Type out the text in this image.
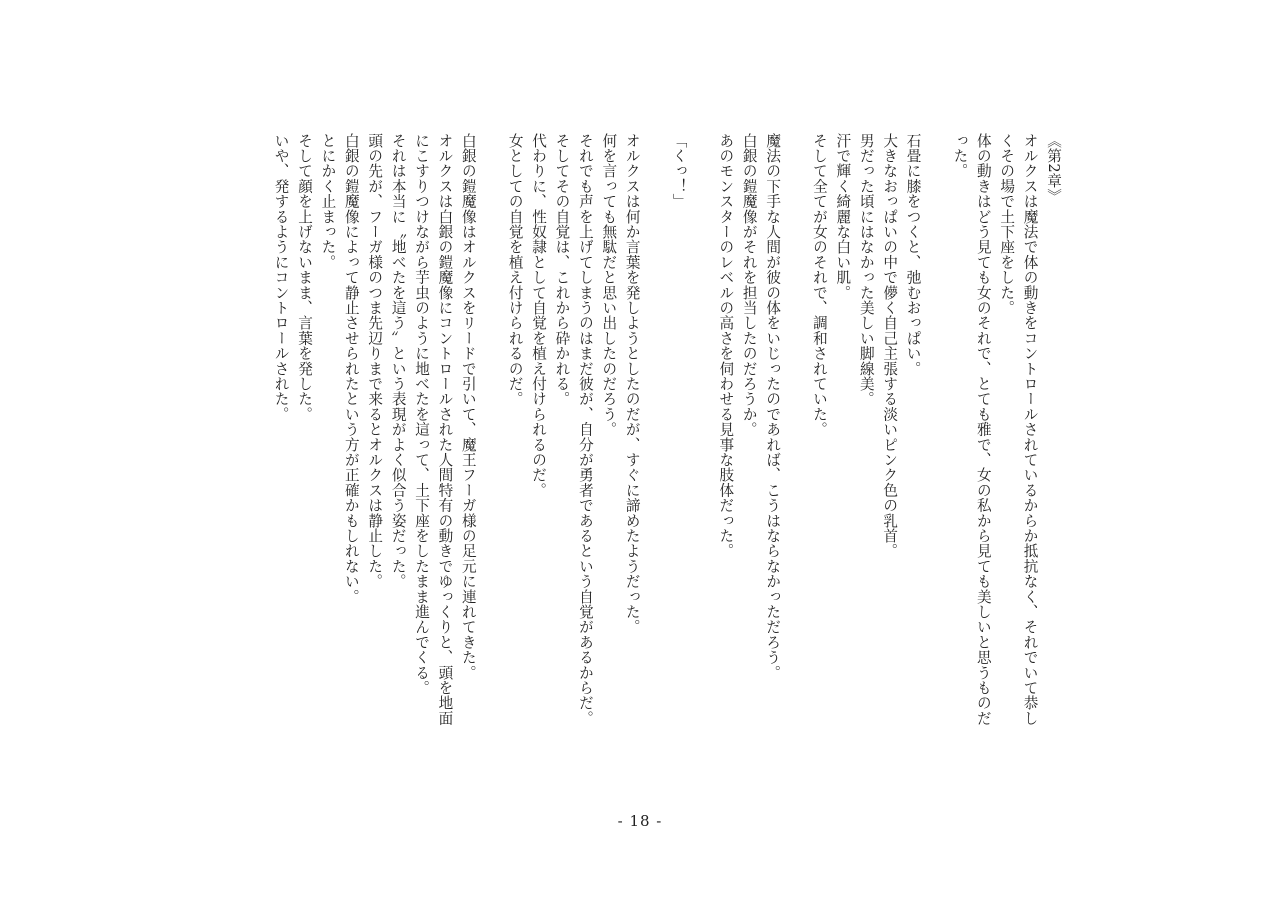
《第2章》
オルクスは魔法で体の動きをコントロールされているからか抵抗なく、それでいて恭し
くその場で土下座をした。
体の動きはどう見ても女のそれで、とても雅で、女の私から見ても美しいと思うものだ
った。

石畳に膝をつくと、弛むおっぱい。
大きなおっぱいの中で儚く自己主張する淡いピンク色の乳首。
男だった頃にはなかった美しい脚線美。
汗で輝く綺麗な白い肌。
そして全てが女のそれで、調和されていた。

魔法の下手な人間が彼の体をいじったのであれば、こうはならなかっただろう。
白銀の鎧魔像がそれを担当したのだろうか。
あのモンスターのレベルの高さを伺わせる見事な肢体だった。

「くっ！」

オルクスは何か言葉を発しようとしたのだが、すぐに諦めたようだった。
何を言っても無駄だと思い出したのだろう。
それでも声を上げてしまうのはまだ彼が、自分が勇者であるという自覚があるからだ。
そしてその自覚は、これから砕かれる。
代わりに、性奴隷として自覚を植え付けられるのだ。
女としての自覚を植え付けられるのだ。

白銀の鎧魔像はオルクスをリードで引いて、魔王フーガ様の足元に連れてきた。
オルクスは白銀の鎧魔像にコントロールされた人間特有の動きでゆっくりと、頭を地面
にこすりつけながら芋虫のように地べたを這って、土下座をしたまま進んでくる。
それは本当に〝地べたを這う〟という表現がよく似合う姿だった。
頭の先が、フーガ様のつま先辺りまで来るとオルクスは静止した。
白銀の鎧魔像によって静止させられたという方が正確かもしれない。
とにかく止まった。
そして顔を上げないまま、言葉を発した。
いや、発するようにコントロールされた。
- 18 -
